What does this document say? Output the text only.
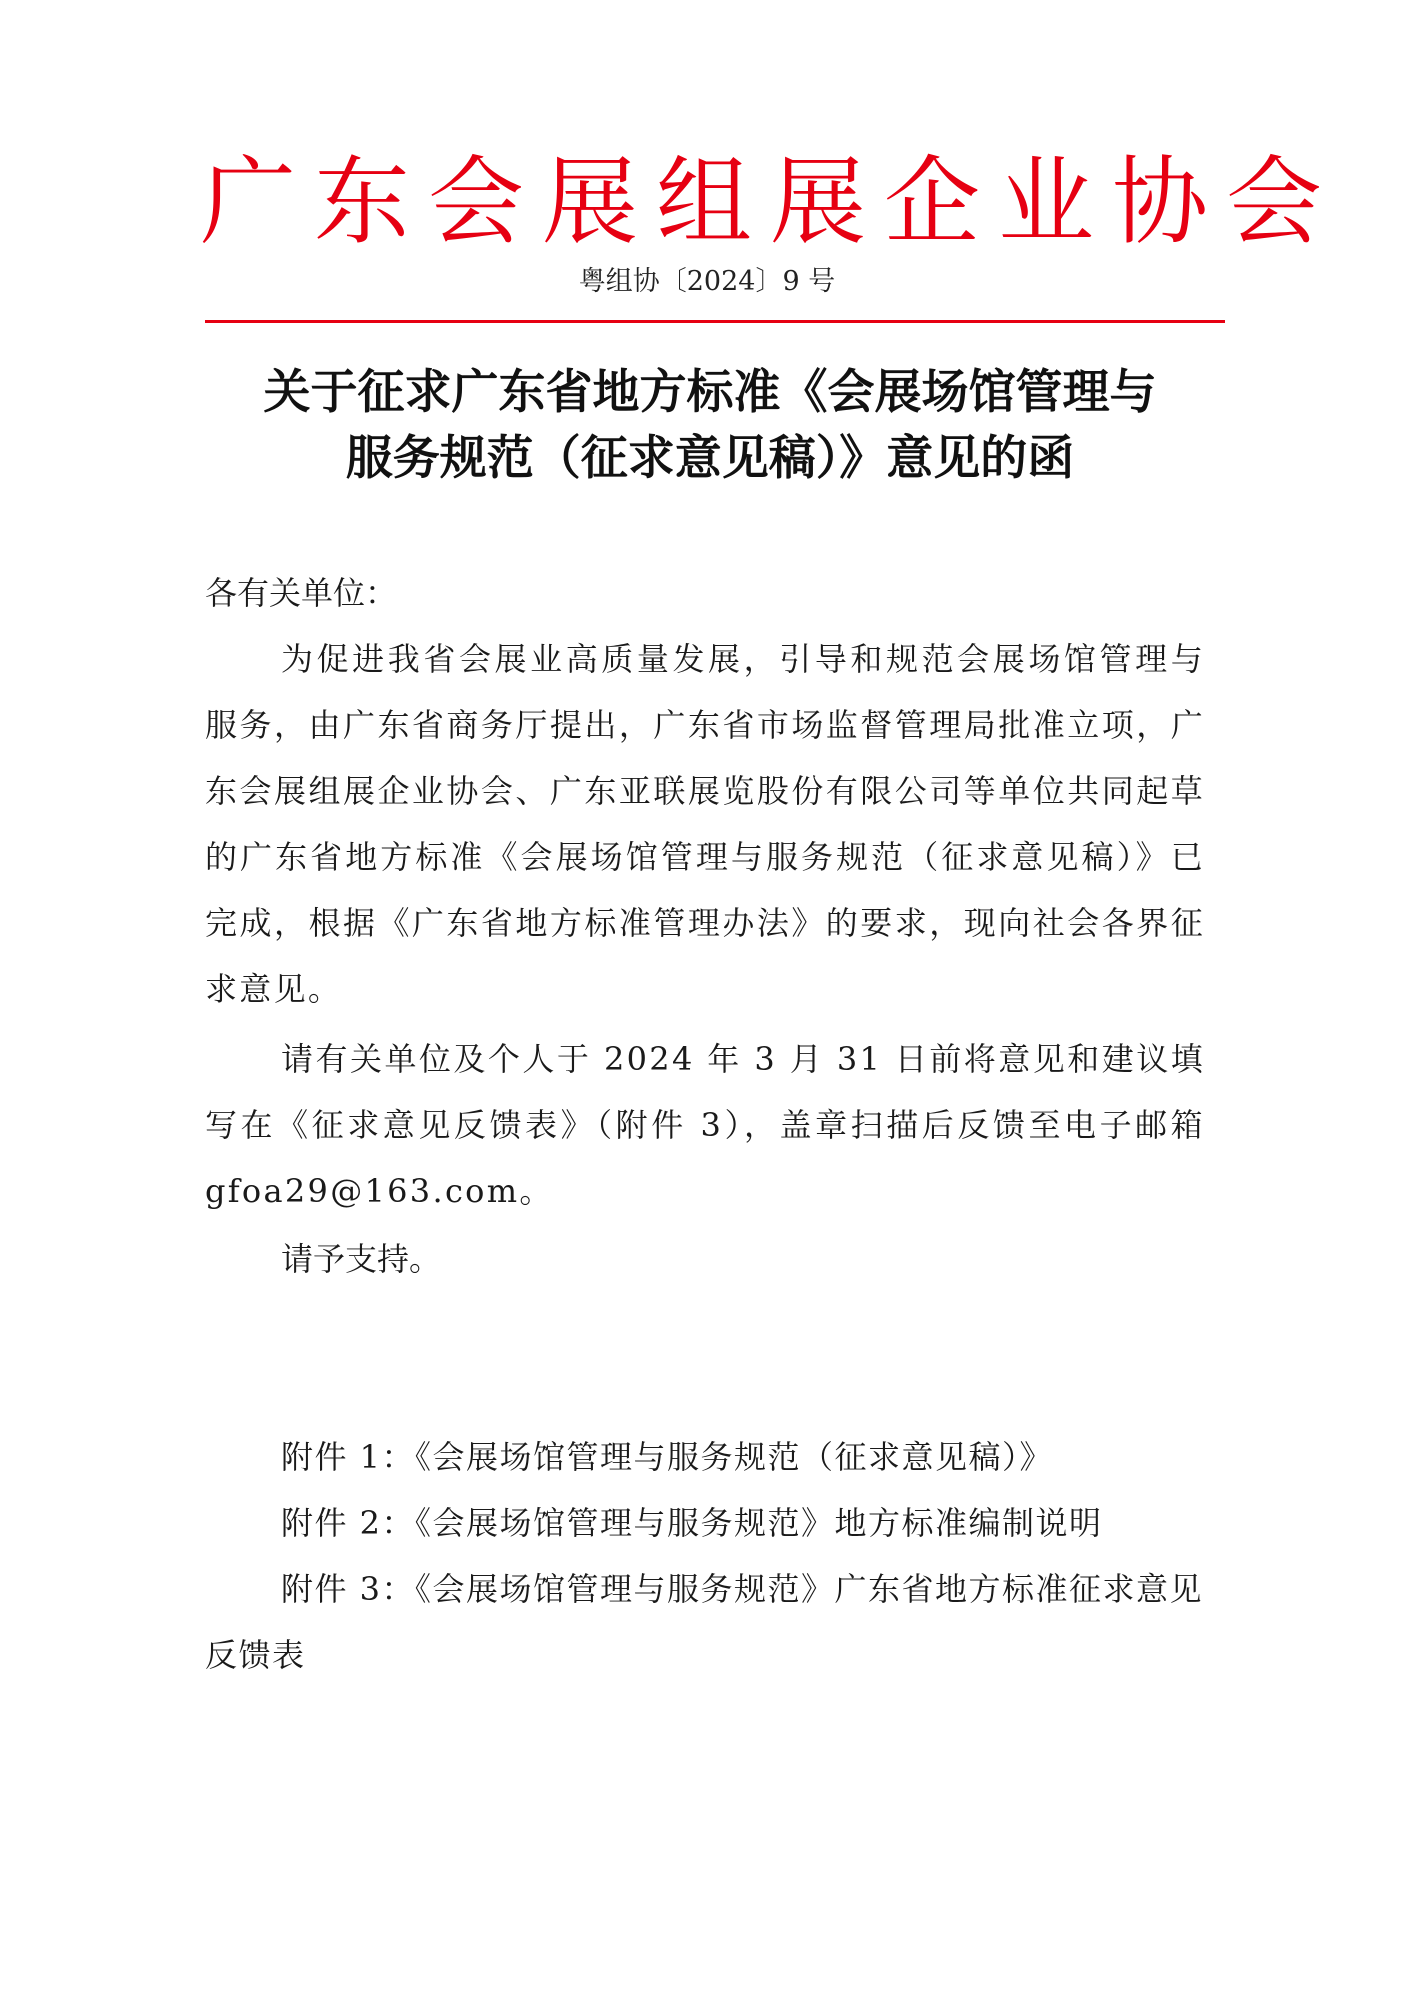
广东会展组展企业协会
粤组协〔2024〕9 号
关于征求广东省地方标准《会展场馆管理与
服务规范（征求意见稿）》意见的函
各有关单位：
为促进我省会展业高质量发展，引导和规范会展场馆管理与服务，由广东省商务厅提出，广东省市场监督管理局批准立项，广东会展组展企业协会、广东亚联展览股份有限公司等单位共同起草的广东省地方标准《会展场馆管理与服务规范（征求意见稿）》已完成，根据《广东省地方标准管理办法》的要求，现向社会各界征求意见。
请有关单位及个人于 2024 年 3 月 31 日前将意见和建议填写在《征求意见反馈表》（附件 3），盖章扫描后反馈至电子邮箱 gfoa29@163.com。
请予支持。
附件 1：《会展场馆管理与服务规范（征求意见稿）》
附件 2：《会展场馆管理与服务规范》地方标准编制说明
附件 3：《会展场馆管理与服务规范》广东省地方标准征求意见反馈表
